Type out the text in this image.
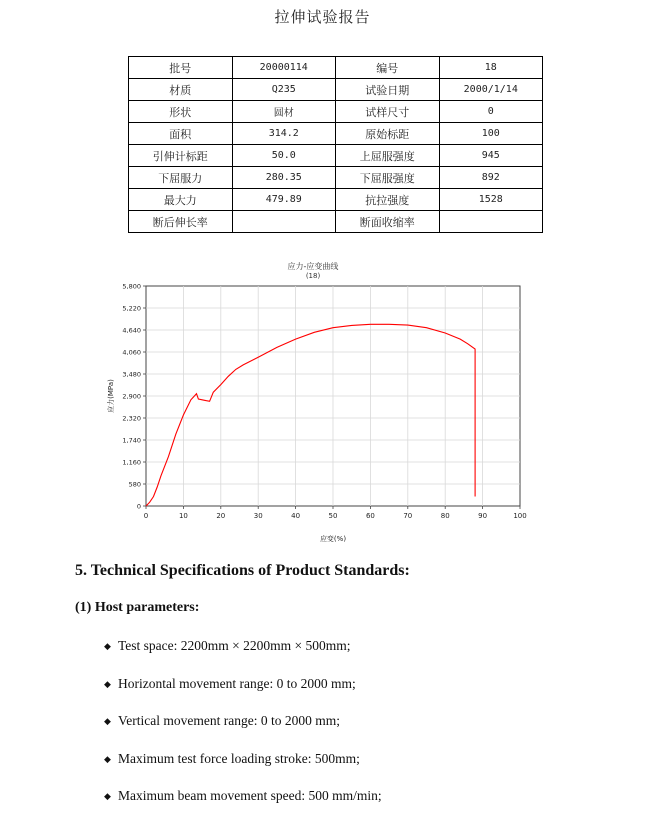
拉伸试验报告
批号	20000114	编号	18
材质	Q235	试验日期	2000/1/14
形状	圆材	试样尺寸	0
面积	314.2	原始标距	100
引伸计标距	50.0	上屈服强度	945
下屈服力	280.35	下屈服强度	892
最大力	479.89	抗拉强度	1528
断后伸长率		断面收缩率	
应力-应变曲线
(18)
0	10	20	30	40	50	60	70	80	90	100
0
580
1,160
1,740
2,320
2,900
3,480
4,060
4,640
5,220
5,800
应变(%)
应力(MPa)
5. Technical Specifications of Product Standards:
(1) Host parameters:
◆ Test space: 2200mm × 2200mm × 500mm;
◆ Horizontal movement range: 0 to 2000 mm;
◆ Vertical movement range: 0 to 2000 mm;
◆ Maximum test force loading stroke: 500mm;
◆ Maximum beam movement speed: 500 mm/min;
